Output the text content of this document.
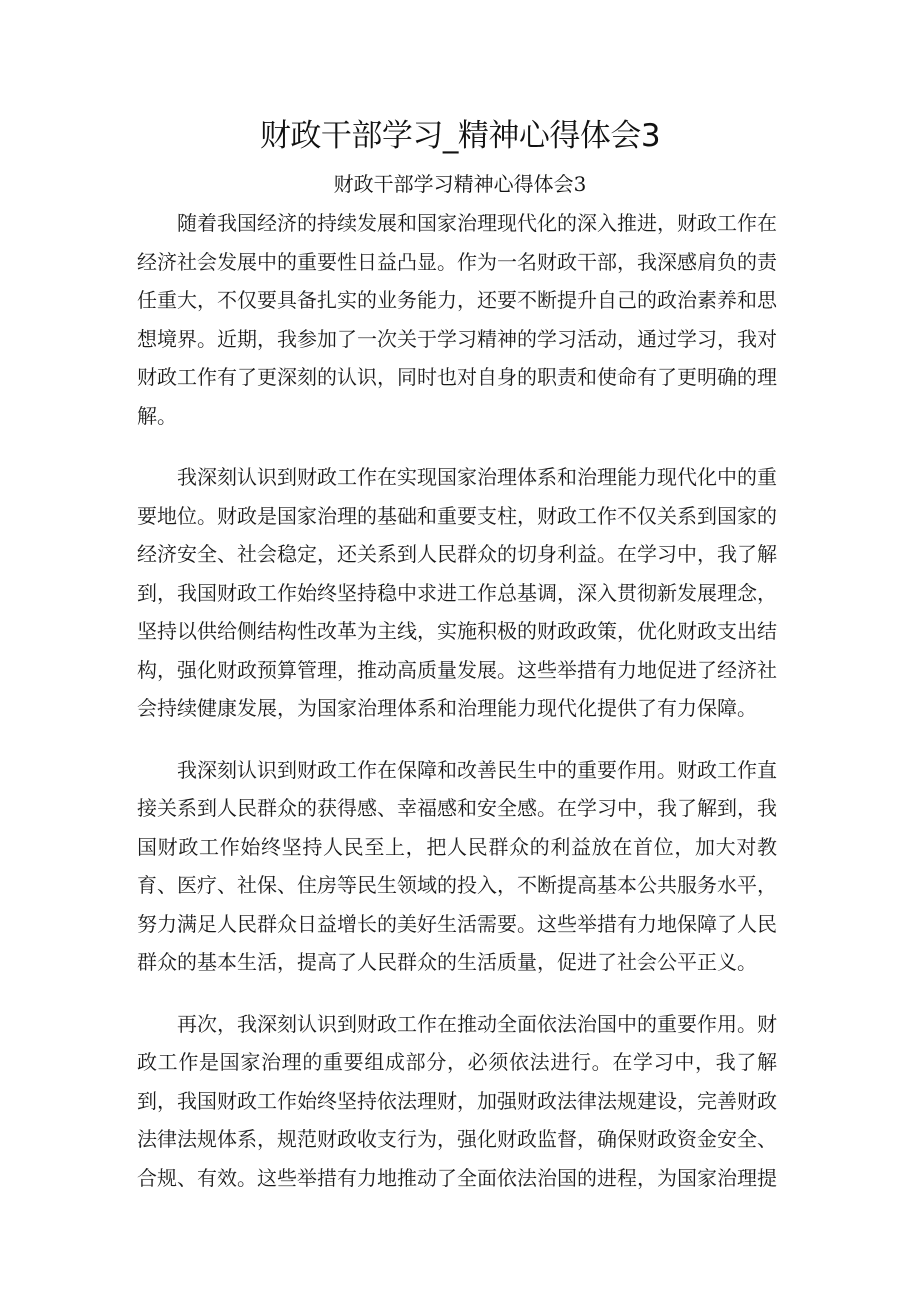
财政干部学习_精神心得体会3
财政干部学习精神心得体会3

随着我国经济的持续发展和国家治理现代化的深入推进，财政工作在经济社会发展中的重要性日益凸显。作为一名财政干部，我深感肩负的责任重大，不仅要具备扎实的业务能力，还要不断提升自己的政治素养和思想境界。近期，我参加了一次关于学习精神的学习活动，通过学习，我对财政工作有了更深刻的认识，同时也对自身的职责和使命有了更明确的理解。

我深刻认识到财政工作在实现国家治理体系和治理能力现代化中的重要地位。财政是国家治理的基础和重要支柱，财政工作不仅关系到国家的经济安全、社会稳定，还关系到人民群众的切身利益。在学习中，我了解到，我国财政工作始终坚持稳中求进工作总基调，深入贯彻新发展理念，坚持以供给侧结构性改革为主线，实施积极的财政政策，优化财政支出结构，强化财政预算管理，推动高质量发展。这些举措有力地促进了经济社会持续健康发展，为国家治理体系和治理能力现代化提供了有力保障。

我深刻认识到财政工作在保障和改善民生中的重要作用。财政工作直接关系到人民群众的获得感、幸福感和安全感。在学习中，我了解到，我国财政工作始终坚持人民至上，把人民群众的利益放在首位，加大对教育、医疗、社保、住房等民生领域的投入，不断提高基本公共服务水平，努力满足人民群众日益增长的美好生活需要。这些举措有力地保障了人民群众的基本生活，提高了人民群众的生活质量，促进了社会公平正义。

再次，我深刻认识到财政工作在推动全面依法治国中的重要作用。财政工作是国家治理的重要组成部分，必须依法进行。在学习中，我了解到，我国财政工作始终坚持依法理财，加强财政法律法规建设，完善财政法律法规体系，规范财政收支行为，强化财政监督，确保财政资金安全、合规、有效。这些举措有力地推动了全面依法治国的进程，为国家治理提
